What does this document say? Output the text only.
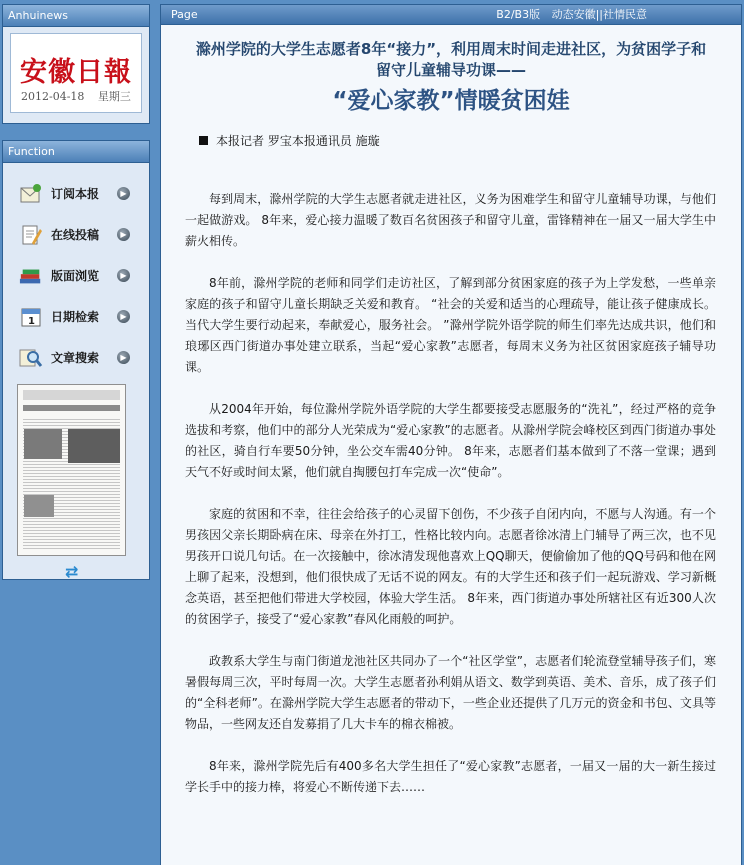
Anhuinews
安徽日報
2012-04-18 星期三
Function
订阅本报	▶
在线投稿	▶
版面浏览	▶
1 日期检索	▶
文章搜索	▶
⇄
Page	B2/B3版 动态安徽||社情民意
滁州学院的大学生志愿者8年“接力”，利用周末时间走进社区，为贫困学子和留守儿童辅导功课——
“爱心家教”情暖贫困娃
本报记者 罗宝本报通讯员 施璇

每到周末，滁州学院的大学生志愿者就走进社区，义务为困难学生和留守儿童辅导功课，与他们一起做游戏。 8年来，爱心接力温暖了数百名贫困孩子和留守儿童，雷锋精神在一届又一届大学生中薪火相传。

8年前，滁州学院的老师和同学们走访社区，了解到部分贫困家庭的孩子为上学发愁，一些单亲家庭的孩子和留守儿童长期缺乏关爱和教育。 “社会的关爱和适当的心理疏导，能让孩子健康成长。当代大学生要行动起来，奉献爱心，服务社会。 ”滁州学院外语学院的师生们率先达成共识，他们和琅琊区西门街道办事处建立联系，当起“爱心家教”志愿者，每周末义务为社区贫困家庭孩子辅导功课。

从2004年开始，每位滁州学院外语学院的大学生都要接受志愿服务的“洗礼”，经过严格的竞争选拔和考察，他们中的部分人光荣成为“爱心家教”的志愿者。从滁州学院会峰校区到西门街道办事处的社区，骑自行车要50分钟，坐公交车需40分钟。 8年来，志愿者们基本做到了不落一堂课；遇到天气不好或时间太紧，他们就自掏腰包打车完成一次“使命”。

家庭的贫困和不幸，往往会给孩子的心灵留下创伤，不少孩子自闭内向，不愿与人沟通。有一个男孩因父亲长期卧病在床、母亲在外打工，性格比较内向。志愿者徐冰清上门辅导了两三次，也不见男孩开口说几句话。在一次接触中，徐冰清发现他喜欢上QQ聊天，便偷偷加了他的QQ号码和他在网上聊了起来，没想到，他们很快成了无话不说的网友。有的大学生还和孩子们一起玩游戏、学习新概念英语，甚至把他们带进大学校园，体验大学生活。 8年来，西门街道办事处所辖社区有近300人次的贫困学子，接受了“爱心家教”春风化雨般的呵护。

政教系大学生与南门街道龙池社区共同办了一个“社区学堂”，志愿者们轮流登堂辅导孩子们，寒暑假每周三次，平时每周一次。大学生志愿者孙利娟从语文、数学到英语、美术、音乐，成了孩子们的“全科老师”。在滁州学院大学生志愿者的带动下，一些企业还提供了几万元的资金和书包、文具等物品，一些网友还自发募捐了几大卡车的棉衣棉被。

8年来，滁州学院先后有400多名大学生担任了“爱心家教”志愿者，一届又一届的大一新生接过学长手中的接力棒，将爱心不断传递下去……
